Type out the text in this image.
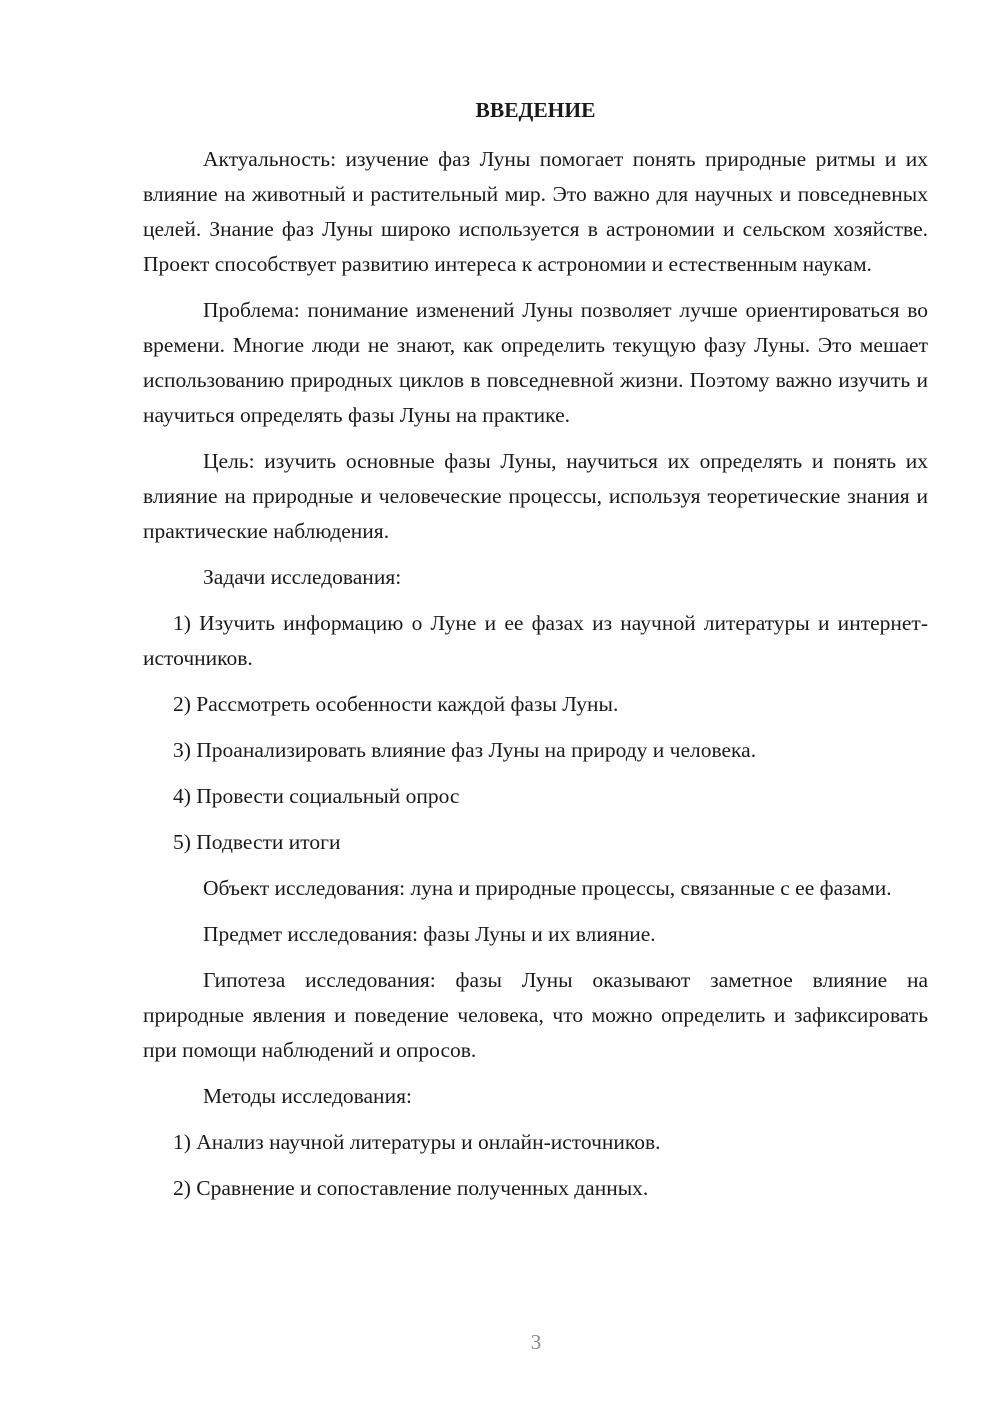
ВВЕДЕНИЕ

Актуальность: изучение фаз Луны помогает понять природные ритмы и их влияние на животный и растительный мир. Это важно для научных и повседневных целей. Знание фаз Луны широко используется в астрономии и сельском хозяйстве. Проект способствует развитию интереса к астрономии и естественным наукам.

Проблема: понимание изменений Луны позволяет лучше ориентироваться во времени. Многие люди не знают, как определить текущую фазу Луны. Это мешает использованию природных циклов в повседневной жизни. Поэтому важно изучить и научиться определять фазы Луны на практике.

Цель: изучить основные фазы Луны, научиться их определять и понять их влияние на природные и человеческие процессы, используя теоретические знания и практические наблюдения.

Задачи исследования:

1) Изучить информацию о Луне и ее фазах из научной литературы и интернет-источников.

2) Рассмотреть особенности каждой фазы Луны.

3) Проанализировать влияние фаз Луны на природу и человека.

4) Провести социальный опрос

5) Подвести итоги

Объект исследования: луна и природные процессы, связанные с ее фазами.

Предмет исследования: фазы Луны и их влияние.

Гипотеза исследования: фазы Луны оказывают заметное влияние на природные явления и поведение человека, что можно определить и зафиксировать при помощи наблюдений и опросов.

Методы исследования:

1) Анализ научной литературы и онлайн-источников.

2) Сравнение и сопоставление полученных данных.

3
